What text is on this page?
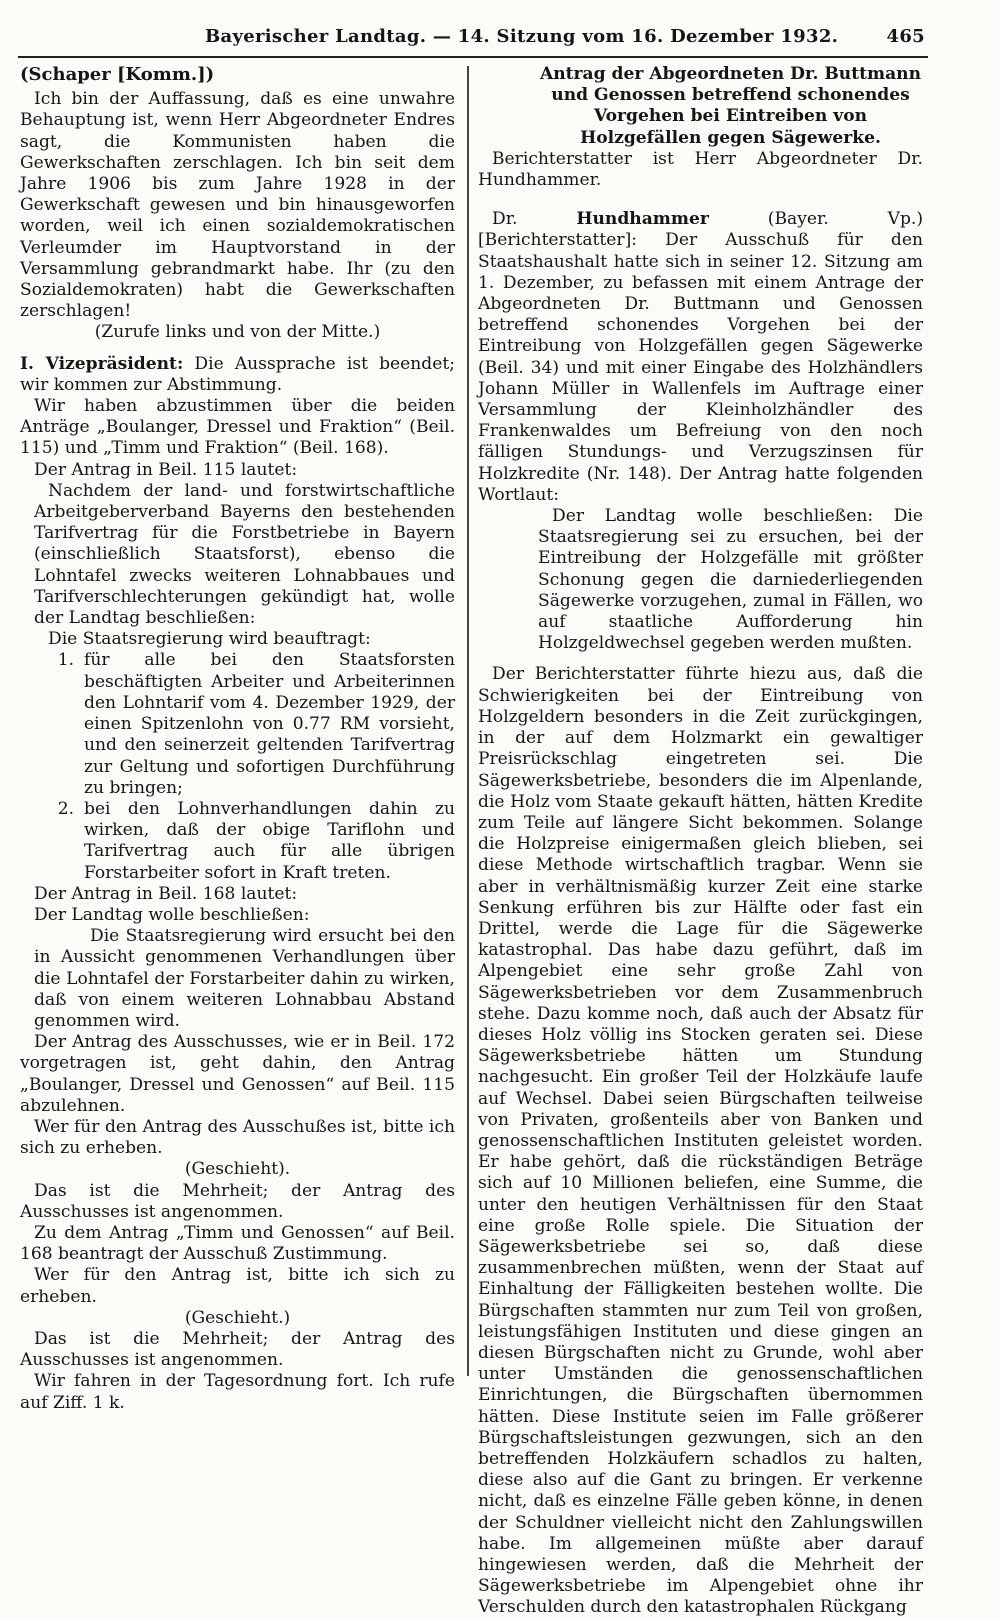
Bayerischer Landtag. — 14. Sitzung vom 16. Dezember 1932.	465

(Schaper [Komm.])

Ich bin der Auffassung, daß es eine unwahre Behauptung ist, wenn Herr Abgeordneter Endres sagt, die Kommunisten haben die Gewerkschaften zerschlagen. Ich bin seit dem Jahre 1906 bis zum Jahre 1928 in der Gewerkschaft gewesen und bin hinausgeworfen worden, weil ich einen sozialdemokratischen Verleumder im Hauptvorstand in der Versammlung gebrandmarkt habe. Ihr (zu den Sozialdemokraten) habt die Gewerkschaften zerschlagen!

(Zurufe links und von der Mitte.)

I. Vizepräsident: Die Aussprache ist beendet; wir kommen zur Abstimmung.

Wir haben abzustimmen über die beiden Anträge „Boulanger, Dressel und Fraktion“ (Beil. 115) und „Timm und Fraktion“ (Beil. 168).

Der Antrag in Beil. 115 lautet:

Nachdem der land- und forstwirtschaftliche Arbeitgeberverband Bayerns den bestehenden Tarifvertrag für die Forstbetriebe in Bayern (einschließlich Staatsforst), ebenso die Lohntafel zwecks weiteren Lohnabbaues und Tarifverschlechterungen gekündigt hat, wolle der Landtag beschließen:

Die Staatsregierung wird beauftragt:

1. für alle bei den Staatsforsten beschäftigten Arbeiter und Arbeiterinnen den Lohntarif vom 4. Dezember 1929, der einen Spitzenlohn von 0.77 RM vorsieht, und den seinerzeit geltenden Tarifvertrag zur Geltung und sofortigen Durchführung zu bringen;
2. bei den Lohnverhandlungen dahin zu wirken, daß der obige Tariflohn und Tarifvertrag auch für alle übrigen Forstarbeiter sofort in Kraft treten.

Der Antrag in Beil. 168 lautet:

Der Landtag wolle beschließen:

Die Staatsregierung wird ersucht bei den in Aussicht genommenen Verhandlungen über die Lohntafel der Forstarbeiter dahin zu wirken, daß von einem weiteren Lohnabbau Abstand genommen wird.

Der Antrag des Ausschusses, wie er in Beil. 172 vorgetragen ist, geht dahin, den Antrag „Boulanger, Dressel und Genossen“ auf Beil. 115 abzulehnen.

Wer für den Antrag des Ausschußes ist, bitte ich sich zu erheben.

(Geschieht).

Das ist die Mehrheit; der Antrag des Ausschusses ist angenommen.

Zu dem Antrag „Timm und Genossen“ auf Beil. 168 beantragt der Ausschuß Zustimmung.

Wer für den Antrag ist, bitte ich sich zu erheben.

(Geschieht.)

Das ist die Mehrheit; der Antrag des Ausschusses ist angenommen.

Wir fahren in der Tagesordnung fort. Ich rufe auf Ziff. 1 k.

Antrag der Abgeordneten Dr. Buttmann und Genossen betreffend schonendes Vorgehen bei Eintreiben von Holzgefällen gegen Sägewerke.

Berichterstatter ist Herr Abgeordneter Dr. Hundhammer.

Dr.	Hundhammer	(Bayer. Vp.) [Berichterstatter]: Der Ausschuß für den Staatshaushalt hatte sich in seiner 12. Sitzung am 1. Dezember, zu befassen mit einem Antrage der Abgeordneten Dr. Buttmann und Genossen betreffend schonendes Vorgehen bei der Eintreibung von Holzgefällen gegen Sägewerke (Beil. 34) und mit einer Eingabe des Holzhändlers Johann Müller in Wallenfels im Auftrage einer Versammlung der Kleinholzhändler des Frankenwaldes um Befreiung von den noch fälligen Stundungs- und Verzugszinsen für Holzkredite (Nr. 148). Der Antrag hatte folgenden Wortlaut:

Der Landtag wolle beschließen: Die Staatsregierung sei zu ersuchen, bei der Eintreibung der Holzgefälle mit größter Schonung gegen die darniederliegenden Sägewerke vorzugehen, zumal in Fällen, wo auf staatliche Aufforderung hin Holzgeldwechsel gegeben werden mußten.

Der Berichterstatter führte hiezu aus, daß die Schwierigkeiten bei der Eintreibung von Holzgeldern besonders in die Zeit zurückgingen, in der auf dem Holzmarkt ein gewaltiger Preisrückschlag eingetreten sei. Die Sägewerksbetriebe, besonders die im Alpenlande, die Holz vom Staate gekauft hätten, hätten Kredite zum Teile auf längere Sicht bekommen. Solange die Holzpreise einigermaßen gleich blieben, sei diese Methode wirtschaftlich tragbar. Wenn sie aber in verhältnismäßig kurzer Zeit eine starke Senkung erführen bis zur Hälfte oder fast ein Drittel, werde die Lage für die Sägewerke katastrophal. Das habe dazu geführt, daß im Alpengebiet eine sehr große Zahl von Sägewerksbetrieben vor dem Zusammenbruch stehe. Dazu komme noch, daß auch der Absatz für dieses Holz völlig ins Stocken geraten sei. Diese Sägewerksbetriebe hätten um Stundung nachgesucht. Ein großer Teil der Holzkäufe laufe auf Wechsel. Dabei seien Bürgschaften teilweise von Privaten, großenteils aber von Banken und genossenschaftlichen Instituten geleistet worden. Er habe gehört, daß die rückständigen Beträge sich auf 10 Millionen beliefen, eine Summe, die unter den heutigen Verhältnissen für den Staat eine große Rolle spiele. Die Situation der Sägewerksbetriebe sei so, daß diese zusammenbrechen müßten, wenn der Staat auf Einhaltung der Fälligkeiten bestehen wollte. Die Bürgschaften stammten nur zum Teil von großen, leistungsfähigen Instituten und diese gingen an diesen Bürgschaften nicht zu Grunde, wohl aber unter Umständen die genossenschaftlichen Einrichtungen, die Bürgschaften übernommen hätten. Diese Institute seien im Falle größerer Bürgschaftsleistungen gezwungen, sich an den betreffenden Holzkäufern schadlos zu halten, diese also auf die Gant zu bringen. Er verkenne nicht, daß es einzelne Fälle geben könne, in denen der Schuldner vielleicht nicht den Zahlungswillen habe. Im allgemeinen müßte aber darauf hingewiesen werden, daß die Mehrheit der Sägewerksbetriebe im Alpengebiet ohne ihr Verschulden durch den katastrophalen Rückgang
